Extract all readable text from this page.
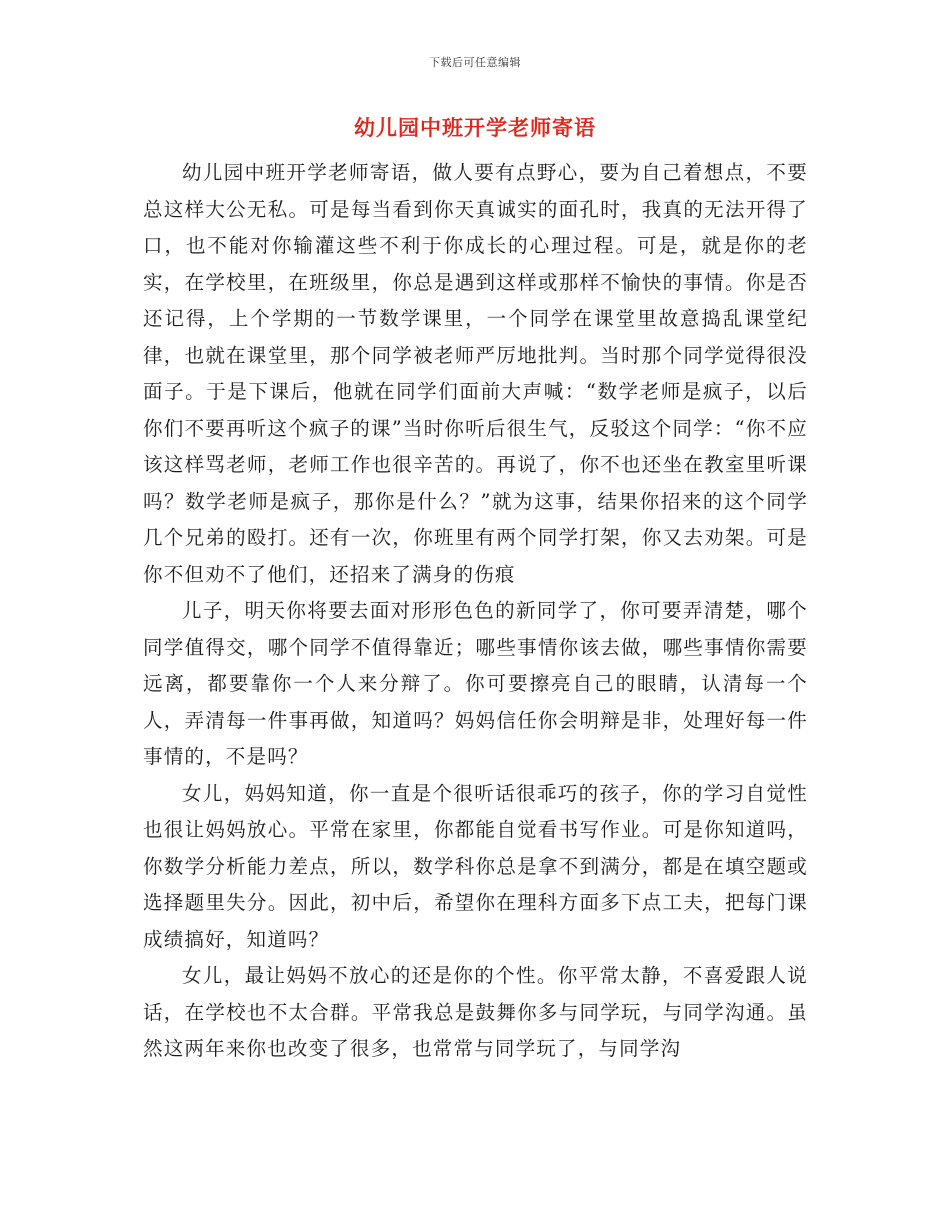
下载后可任意编辑
幼儿园中班开学老师寄语

幼儿园中班开学老师寄语，做人要有点野心，要为自己着想点，不要总这样大公无私。可是每当看到你天真诚实的面孔时，我真的无法开得了口，也不能对你输灌这些不利于你成长的心理过程。可是，就是你的老实，在学校里，在班级里，你总是遇到这样或那样不愉快的事情。你是否还记得，上个学期的一节数学课里，一个同学在课堂里故意捣乱课堂纪律，也就在课堂里，那个同学被老师严厉地批判。当时那个同学觉得很没面子。于是下课后，他就在同学们面前大声喊：“数学老师是疯子，以后你们不要再听这个疯子的课”当时你听后很生气，反驳这个同学：“你不应该这样骂老师，老师工作也很辛苦的。再说了，你不也还坐在教室里听课吗？数学老师是疯子，那你是什么？”就为这事，结果你招来的这个同学几个兄弟的殴打。还有一次，你班里有两个同学打架，你又去劝架。可是你不但劝不了他们，还招来了满身的伤痕

儿子，明天你将要去面对形形色色的新同学了，你可要弄清楚，哪个同学值得交，哪个同学不值得靠近；哪些事情你该去做，哪些事情你需要远离，都要靠你一个人来分辩了。你可要擦亮自己的眼睛，认清每一个人，弄清每一件事再做，知道吗？妈妈信任你会明辩是非，处理好每一件事情的，不是吗？

女儿，妈妈知道，你一直是个很听话很乖巧的孩子，你的学习自觉性也很让妈妈放心。平常在家里，你都能自觉看书写作业。可是你知道吗，你数学分析能力差点，所以，数学科你总是拿不到满分，都是在填空题或选择题里失分。因此，初中后，希望你在理科方面多下点工夫，把每门课成绩搞好，知道吗？

女儿，最让妈妈不放心的还是你的个性。你平常太静，不喜爱跟人说话，在学校也不太合群。平常我总是鼓舞你多与同学玩，与同学沟通。虽然这两年来你也改变了很多，也常常与同学玩了，与同学沟
